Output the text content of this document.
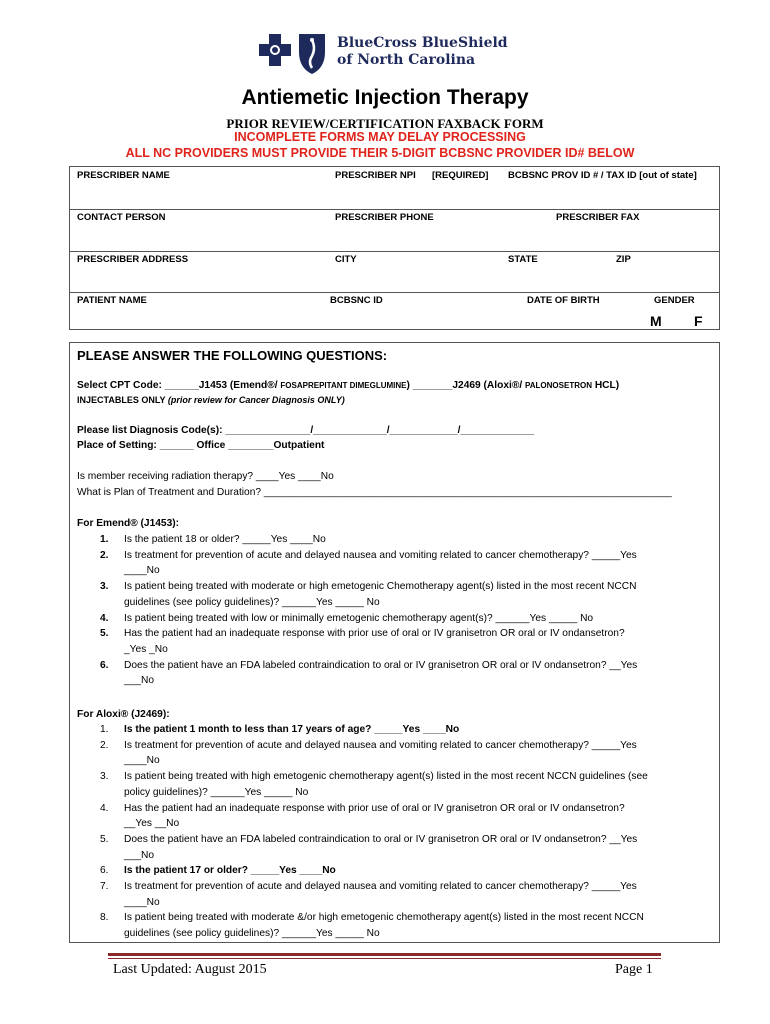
BlueCross BlueShield
of North Carolina
Antiemetic Injection Therapy
PRIOR REVIEW/CERTIFICATION FAXBACK FORM
INCOMPLETE FORMS MAY DELAY PROCESSING
ALL NC PROVIDERS MUST PROVIDE THEIR 5-DIGIT BCBSNC PROVIDER ID# BELOW
PRESCRIBER NAME	PRESCRIBER NPI [REQUIRED] BCBSNC PROV ID # / TAX ID [out of state]
CONTACT PERSON	PRESCRIBER PHONE	PRESCRIBER FAX
PRESCRIBER ADDRESS	CITY	STATE	ZIP
PATIENT NAME	BCBSNC ID	DATE OF BIRTH	GENDER
M F
PLEASE ANSWER THE FOLLOWING QUESTIONS:
Select CPT Code: ______J1453 (Emend®/ FOSAPREPITANT DIMEGLUMINE) _______J2469 (Aloxi®/ PALONOSETRON HCL)
INJECTABLES ONLY (prior review for Cancer Diagnosis ONLY)
Please list Diagnosis Code(s): _______________/_____________/____________/_____________
Place of Setting: ______ Office ________Outpatient
Is member receiving radiation therapy? ____Yes ____No
What is Plan of Treatment and Duration? ________________________________________________________________________
For Emend® (J1453):
1. Is the patient 18 or older? _____Yes ____No
2. Is treatment for prevention of acute and delayed nausea and vomiting related to cancer chemotherapy? _____Yes
____No
3. Is patient being treated with moderate or high emetogenic Chemotherapy agent(s) listed in the most recent NCCN
guidelines (see policy guidelines)? ______Yes _____ No
4. Is patient being treated with low or minimally emetogenic chemotherapy agent(s)? ______Yes _____ No
5. Has the patient had an inadequate response with prior use of oral or IV granisetron OR oral or IV ondansetron?
_Yes _No
6. Does the patient have an FDA labeled contraindication to oral or IV granisetron OR oral or IV ondansetron? __Yes
___No
For Aloxi® (J2469):
1. Is the patient 1 month to less than 17 years of age? _____Yes ____No
2. Is treatment for prevention of acute and delayed nausea and vomiting related to cancer chemotherapy? _____Yes
____No
3. Is patient being treated with high emetogenic chemotherapy agent(s) listed in the most recent NCCN guidelines (see
policy guidelines)? ______Yes _____ No
4. Has the patient had an inadequate response with prior use of oral or IV granisetron OR oral or IV ondansetron?
__Yes __No
5. Does the patient have an FDA labeled contraindication to oral or IV granisetron OR oral or IV ondansetron? __Yes
___No
6. Is the patient 17 or older? _____Yes ____No
7. Is treatment for prevention of acute and delayed nausea and vomiting related to cancer chemotherapy? _____Yes
____No
8. Is patient being treated with moderate &/or high emetogenic chemotherapy agent(s) listed in the most recent NCCN
guidelines (see policy guidelines)? ______Yes _____ No
Last Updated: August 2015	Page 1
